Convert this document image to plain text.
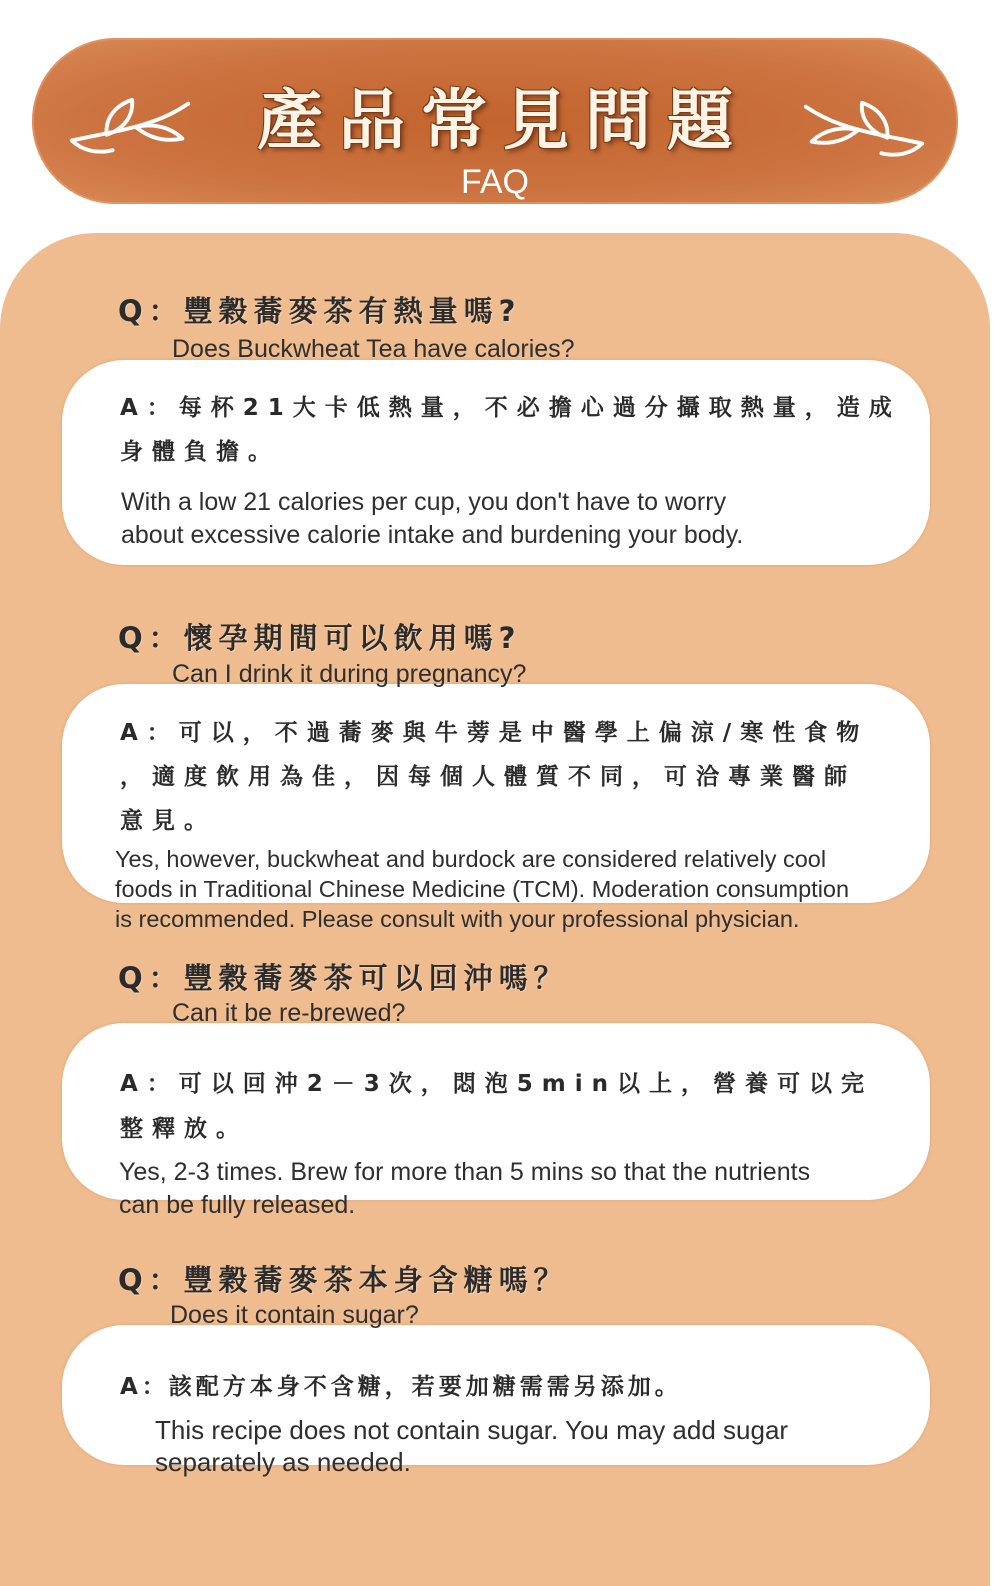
產品常見問題
FAQ
A：每杯21大卡低熱量，不必擔心過分攝取熱量，造成
身體負擔。
With a low 21 calories per cup, you don't have to worry
about excessive calorie intake and burdening your body.
Q：豐穀蕎麥茶有熱量嗎?
Does Buckwheat Tea have calories?
A：可以，不過蕎麥與牛蒡是中醫學上偏涼/寒性食物
，適度飲用為佳，因每個人體質不同，可洽專業醫師
意見。
Yes, however, buckwheat and burdock are considered relatively cool
foods in Traditional Chinese Medicine (TCM). Moderation consumption
is recommended. Please consult with your professional physician.
Q：懷孕期間可以飲用嗎?
Can I drink it during pregnancy?
A：可以回沖2－3次，悶泡5min以上，營養可以完
整釋放。
Yes, 2-3 times. Brew for more than 5 mins so that the nutrients
can be fully released.
Q：豐穀蕎麥茶可以回沖嗎？
Can it be re-brewed?
A：該配方本身不含糖，若要加糖需需另添加。
This recipe does not contain sugar. You may add sugar
separately as needed.
Q：豐穀蕎麥茶本身含糖嗎？
Does it contain sugar?
